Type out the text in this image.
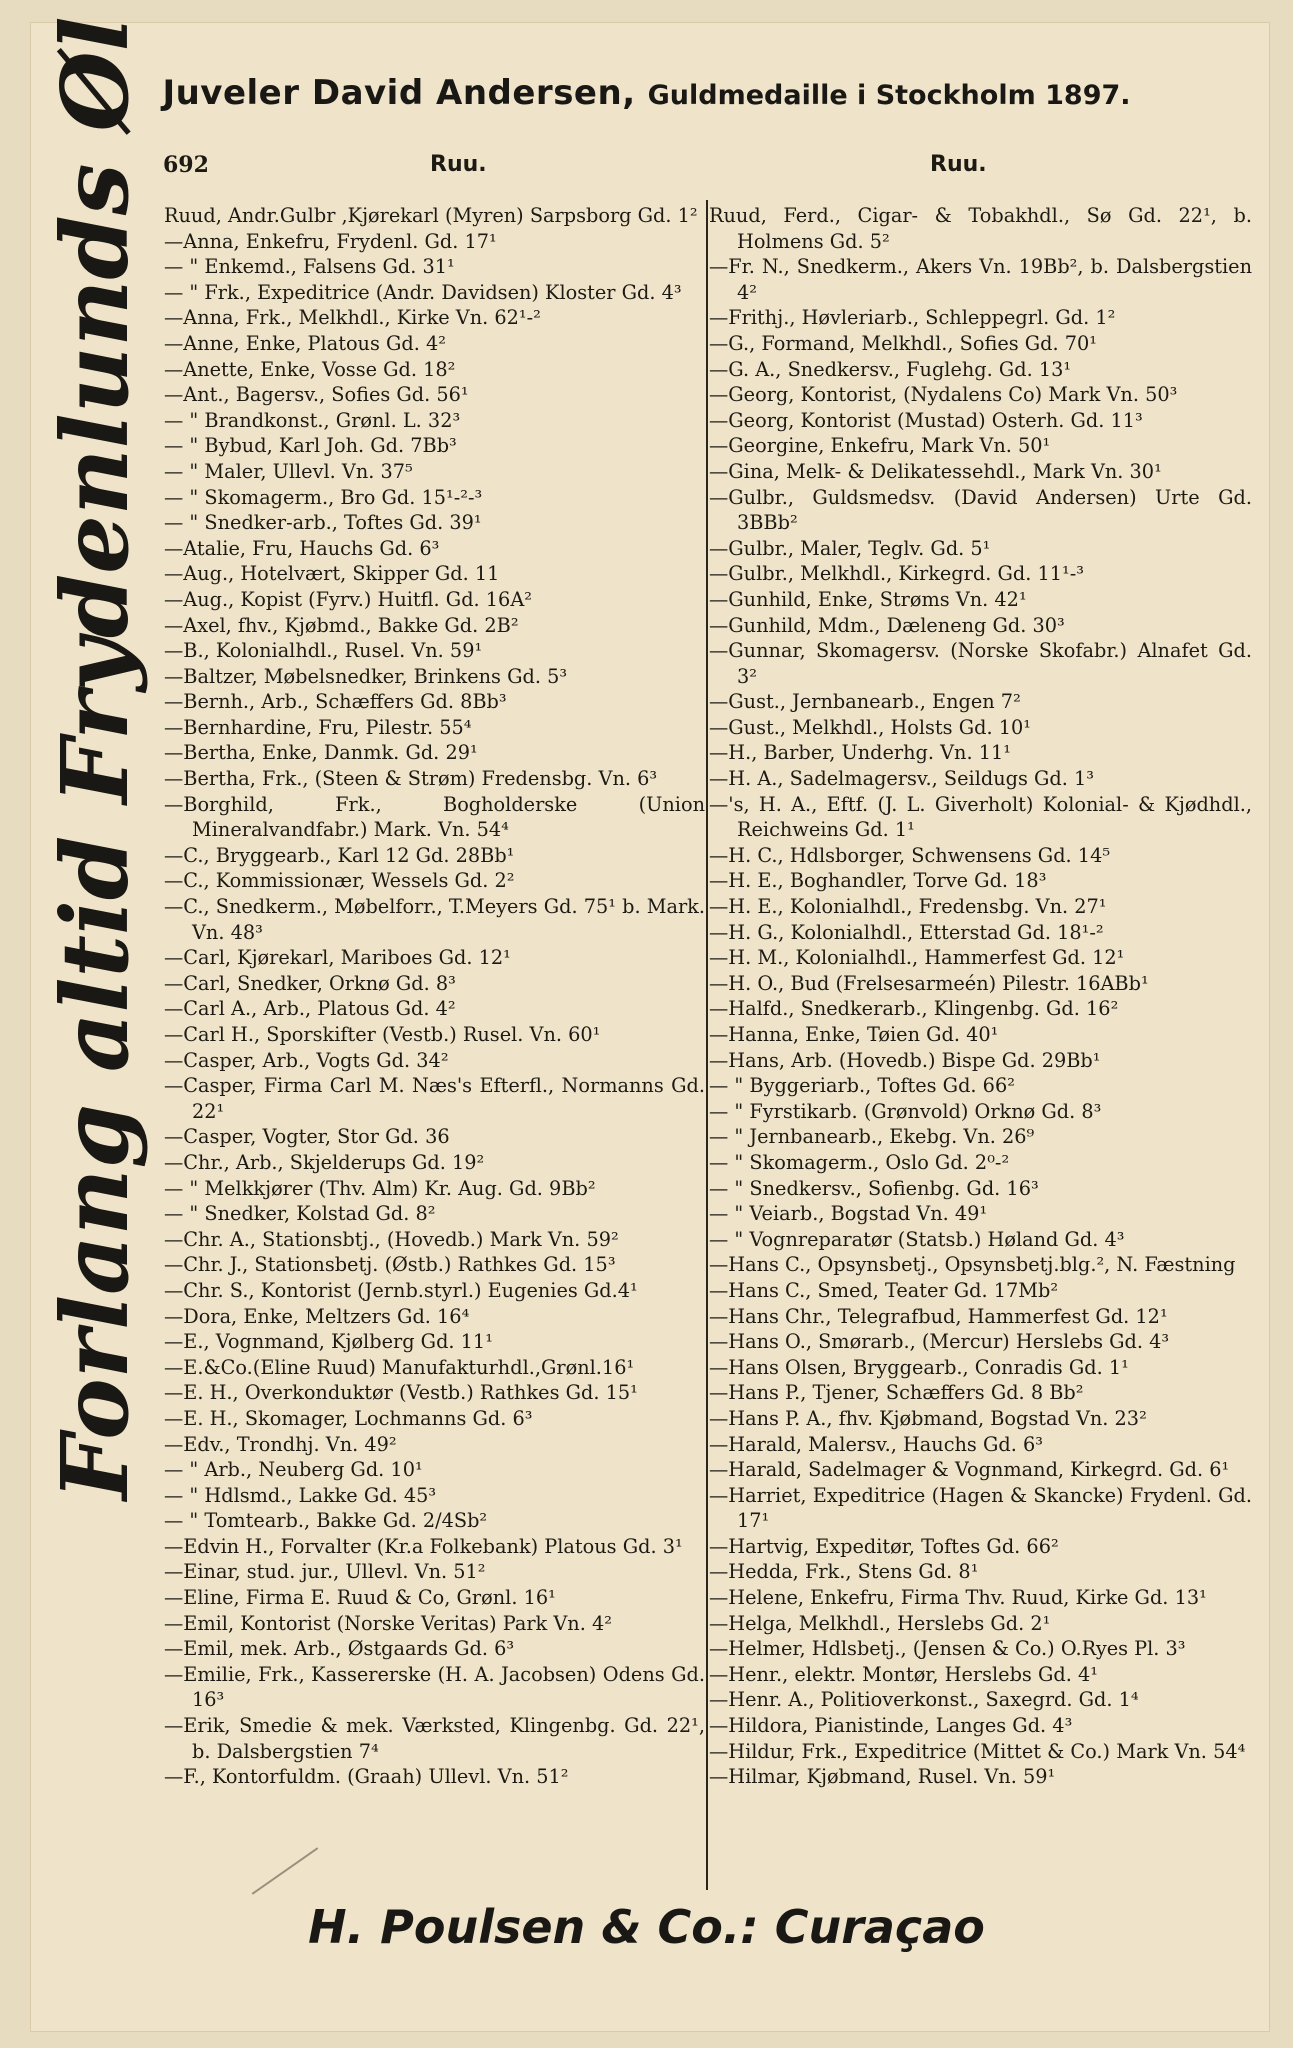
Juveler David Andersen, Guldmedaille i Stockholm 1897.
692	Ruu.	Ruu.
Forlang altid Frydenlunds Øl Ruud, Andr.Gulbr ,Kjørekarl (Myren) Sarpsborg Gd. 1²
—Anna, Enkefru, Frydenl. Gd. 17¹
— " Enkemd., Falsens Gd. 31¹
— " Frk., Expeditrice (Andr. Davidsen) Kloster Gd. 4³
—Anna, Frk., Melkhdl., Kirke Vn. 62¹-²
—Anne, Enke, Platous Gd. 4²
—Anette, Enke, Vosse Gd. 18²
—Ant., Bagersv., Sofies Gd. 56¹
— " Brandkonst., Grønl. L. 32³
— " Bybud, Karl Joh. Gd. 7Bb³
— " Maler, Ullevl. Vn. 37⁵
— " Skomagerm., Bro Gd. 15¹-²-³
— " Snedker-arb., Toftes Gd. 39¹
—Atalie, Fru, Hauchs Gd. 6³
—Aug., Hotelvært, Skipper Gd. 11
—Aug., Kopist (Fyrv.) Huitfl. Gd. 16A²
—Axel, fhv., Kjøbmd., Bakke Gd. 2B²
—B., Kolonialhdl., Rusel. Vn. 59¹
—Baltzer, Møbelsnedker, Brinkens Gd. 5³
—Bernh., Arb., Schæffers Gd. 8Bb³
—Bernhardine, Fru, Pilestr. 55⁴
—Bertha, Enke, Danmk. Gd. 29¹
—Bertha, Frk., (Steen & Strøm) Fredensbg. Vn. 6³
—Borghild, Frk., Bogholderske (Union Mineralvandfabr.) Mark. Vn. 54⁴
—C., Bryggearb., Karl 12 Gd. 28Bb¹
—C., Kommissionær, Wessels Gd. 2²
—C., Snedkerm., Møbelforr., T.Meyers Gd. 75¹ b. Mark. Vn. 48³
—Carl, Kjørekarl, Mariboes Gd. 12¹
—Carl, Snedker, Orknø Gd. 8³
—Carl A., Arb., Platous Gd. 4²
—Carl H., Sporskifter (Vestb.) Rusel. Vn. 60¹
—Casper, Arb., Vogts Gd. 34²
—Casper, Firma Carl M. Næs's Efterfl., Normanns Gd. 22¹
—Casper, Vogter, Stor Gd. 36
—Chr., Arb., Skjelderups Gd. 19²
— " Melkkjører (Thv. Alm) Kr. Aug. Gd. 9Bb²
— " Snedker, Kolstad Gd. 8²
—Chr. A., Stationsbtj., (Hovedb.) Mark Vn. 59²
—Chr. J., Stationsbetj. (Østb.) Rathkes Gd. 15³
—Chr. S., Kontorist (Jernb.styrl.) Eugenies Gd.4¹
—Dora, Enke, Meltzers Gd. 16⁴
—E., Vognmand, Kjølberg Gd. 11¹
—E.&Co.(Eline Ruud) Manufakturhdl.,Grønl.16¹
—E. H., Overkonduktør (Vestb.) Rathkes Gd. 15¹
—E. H., Skomager, Lochmanns Gd. 6³
—Edv., Trondhj. Vn. 49²
— " Arb., Neuberg Gd. 10¹
— " Hdlsmd., Lakke Gd. 45³
— " Tomtearb., Bakke Gd. 2/4Sb²
—Edvin H., Forvalter (Kr.a Folkebank) Platous Gd. 3¹
—Einar, stud. jur., Ullevl. Vn. 51²
—Eline, Firma E. Ruud & Co, Grønl. 16¹
—Emil, Kontorist (Norske Veritas) Park Vn. 4²
—Emil, mek. Arb., Østgaards Gd. 6³
—Emilie, Frk., Kassererske (H. A. Jacobsen) Odens Gd. 16³
—Erik, Smedie & mek. Værksted, Klingenbg. Gd. 22¹, b. Dalsbergstien 7⁴
—F., Kontorfuldm. (Graah) Ullevl. Vn. 51²
Ruud, Ferd., Cigar- & Tobakhdl., Sø Gd. 22¹, b. Holmens Gd. 5²
—Fr. N., Snedkerm., Akers Vn. 19Bb², b. Dalsbergstien 4²
—Frithj., Høvleriarb., Schleppegrl. Gd. 1²
—G., Formand, Melkhdl., Sofies Gd. 70¹
—G. A., Snedkersv., Fuglehg. Gd. 13¹
—Georg, Kontorist, (Nydalens Co) Mark Vn. 50³
—Georg, Kontorist (Mustad) Osterh. Gd. 11³
—Georgine, Enkefru, Mark Vn. 50¹
—Gina, Melk- & Delikatessehdl., Mark Vn. 30¹
—Gulbr., Guldsmedsv. (David Andersen) Urte Gd. 3BBb²
—Gulbr., Maler, Teglv. Gd. 5¹
—Gulbr., Melkhdl., Kirkegrd. Gd. 11¹-³
—Gunhild, Enke, Strøms Vn. 42¹
—Gunhild, Mdm., Dæleneng Gd. 30³
—Gunnar, Skomagersv. (Norske Skofabr.) Alnafet Gd. 3²
—Gust., Jernbanearb., Engen 7²
—Gust., Melkhdl., Holsts Gd. 10¹
—H., Barber, Underhg. Vn. 11¹
—H. A., Sadelmagersv., Seildugs Gd. 1³
—'s, H. A., Eftf. (J. L. Giverholt) Kolonial- & Kjødhdl., Reichweins Gd. 1¹
—H. C., Hdlsborger, Schwensens Gd. 14⁵
—H. E., Boghandler, Torve Gd. 18³
—H. E., Kolonialhdl., Fredensbg. Vn. 27¹
—H. G., Kolonialhdl., Etterstad Gd. 18¹-²
—H. M., Kolonialhdl., Hammerfest Gd. 12¹
—H. O., Bud (Frelsesarmeén) Pilestr. 16ABb¹
—Halfd., Snedkerarb., Klingenbg. Gd. 16²
—Hanna, Enke, Tøien Gd. 40¹
—Hans, Arb. (Hovedb.) Bispe Gd. 29Bb¹
— " Byggeriarb., Toftes Gd. 66²
— " Fyrstikarb. (Grønvold) Orknø Gd. 8³
— " Jernbanearb., Ekebg. Vn. 26⁹
— " Skomagerm., Oslo Gd. 2⁰-²
— " Snedkersv., Sofienbg. Gd. 16³
— " Veiarb., Bogstad Vn. 49¹
— " Vognreparatør (Statsb.) Høland Gd. 4³
—Hans C., Opsynsbetj., Opsynsbetj.blg.², N. Fæstning
—Hans C., Smed, Teater Gd. 17Mb²
—Hans Chr., Telegrafbud, Hammerfest Gd. 12¹
—Hans O., Smørarb., (Mercur) Herslebs Gd. 4³
—Hans Olsen, Bryggearb., Conradis Gd. 1¹
—Hans P., Tjener, Schæffers Gd. 8 Bb²
—Hans P. A., fhv. Kjøbmand, Bogstad Vn. 23²
—Harald, Malersv., Hauchs Gd. 6³
—Harald, Sadelmager & Vognmand, Kirkegrd. Gd. 6¹
—Harriet, Expeditrice (Hagen & Skancke) Frydenl. Gd. 17¹
—Hartvig, Expeditør, Toftes Gd. 66²
—Hedda, Frk., Stens Gd. 8¹
—Helene, Enkefru, Firma Thv. Ruud, Kirke Gd. 13¹
—Helga, Melkhdl., Herslebs Gd. 2¹
—Helmer, Hdlsbetj., (Jensen & Co.) O.Ryes Pl. 3³
—Henr., elektr. Montør, Herslebs Gd. 4¹
—Henr. A., Politioverkonst., Saxegrd. Gd. 1⁴
—Hildora, Pianistinde, Langes Gd. 4³
—Hildur, Frk., Expeditrice (Mittet & Co.) Mark Vn. 54⁴
—Hilmar, Kjøbmand, Rusel. Vn. 59¹
H. Poulsen & Co.: Curaçao
